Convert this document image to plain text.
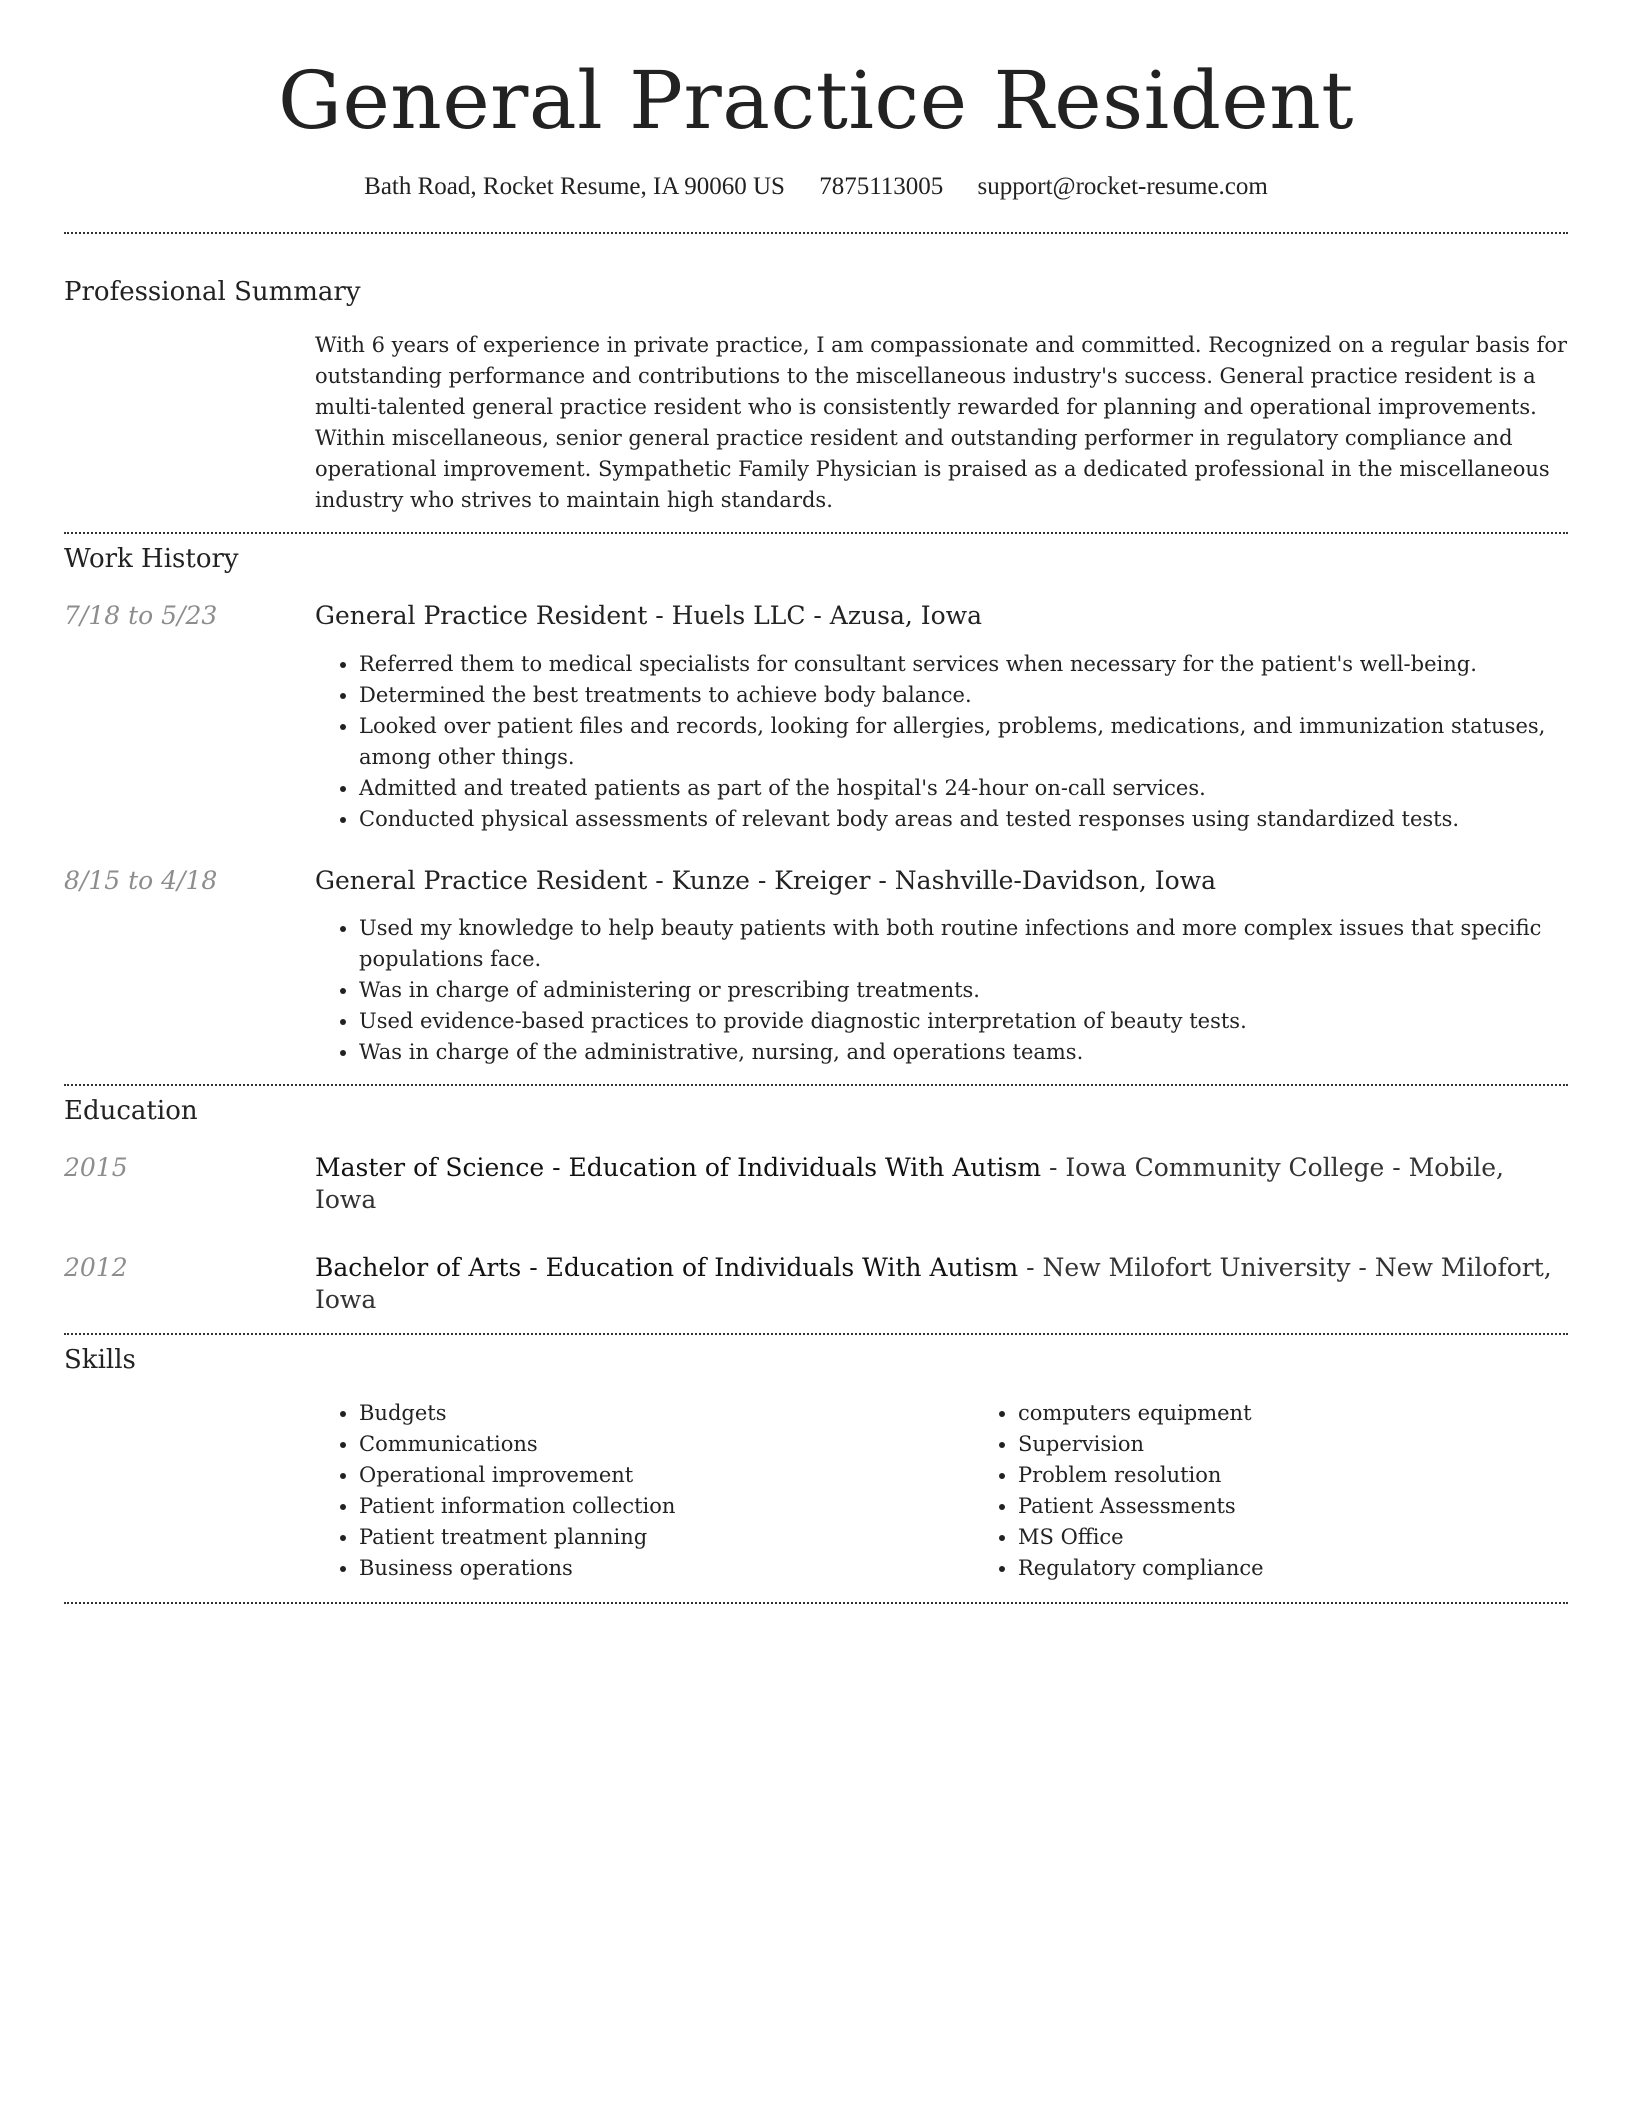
General Practice Resident
Bath Road, Rocket Resume, IA 90060 US 7875113005 support@rocket-resume.com
Professional Summary

With 6 years of experience in private practice, I am compassionate and committed. Recognized on a regular basis for outstanding performance and contributions to the miscellaneous industry's success. General practice resident is a multi-talented general practice resident who is consistently rewarded for planning and operational improvements. Within miscellaneous, senior general practice resident and outstanding performer in regulatory compliance and operational improvement. Sympathetic Family Physician is praised as a dedicated professional in the miscellaneous industry who strives to maintain high standards.

Work History
7/18 to 5/23	General Practice Resident - Huels LLC - Azusa, Iowa
• Referred them to medical specialists for consultant services when necessary for the patient's well-being.
• Determined the best treatments to achieve body balance.
• Looked over patient files and records, looking for allergies, problems, medications, and immunization statuses, among other things.
• Admitted and treated patients as part of the hospital's 24-hour on-call services.
• Conducted physical assessments of relevant body areas and tested responses using standardized tests.
8/15 to 4/18	General Practice Resident - Kunze - Kreiger - Nashville-Davidson, Iowa
• Used my knowledge to help beauty patients with both routine infections and more complex issues that specific populations face.
• Was in charge of administering or prescribing treatments.
• Used evidence-based practices to provide diagnostic interpretation of beauty tests.
• Was in charge of the administrative, nursing, and operations teams.
Education
2015	Master of Science - Education of Individuals With Autism - Iowa Community College - Mobile, Iowa
2012	Bachelor of Arts - Education of Individuals With Autism - New Milofort University - New Milofort, Iowa
Skills
• Budgets
• Communications
• Operational improvement
• Patient information collection
• Patient treatment planning
• Business operations
• computers equipment
• Supervision
• Problem resolution
• Patient Assessments
• MS Office
• Regulatory compliance
